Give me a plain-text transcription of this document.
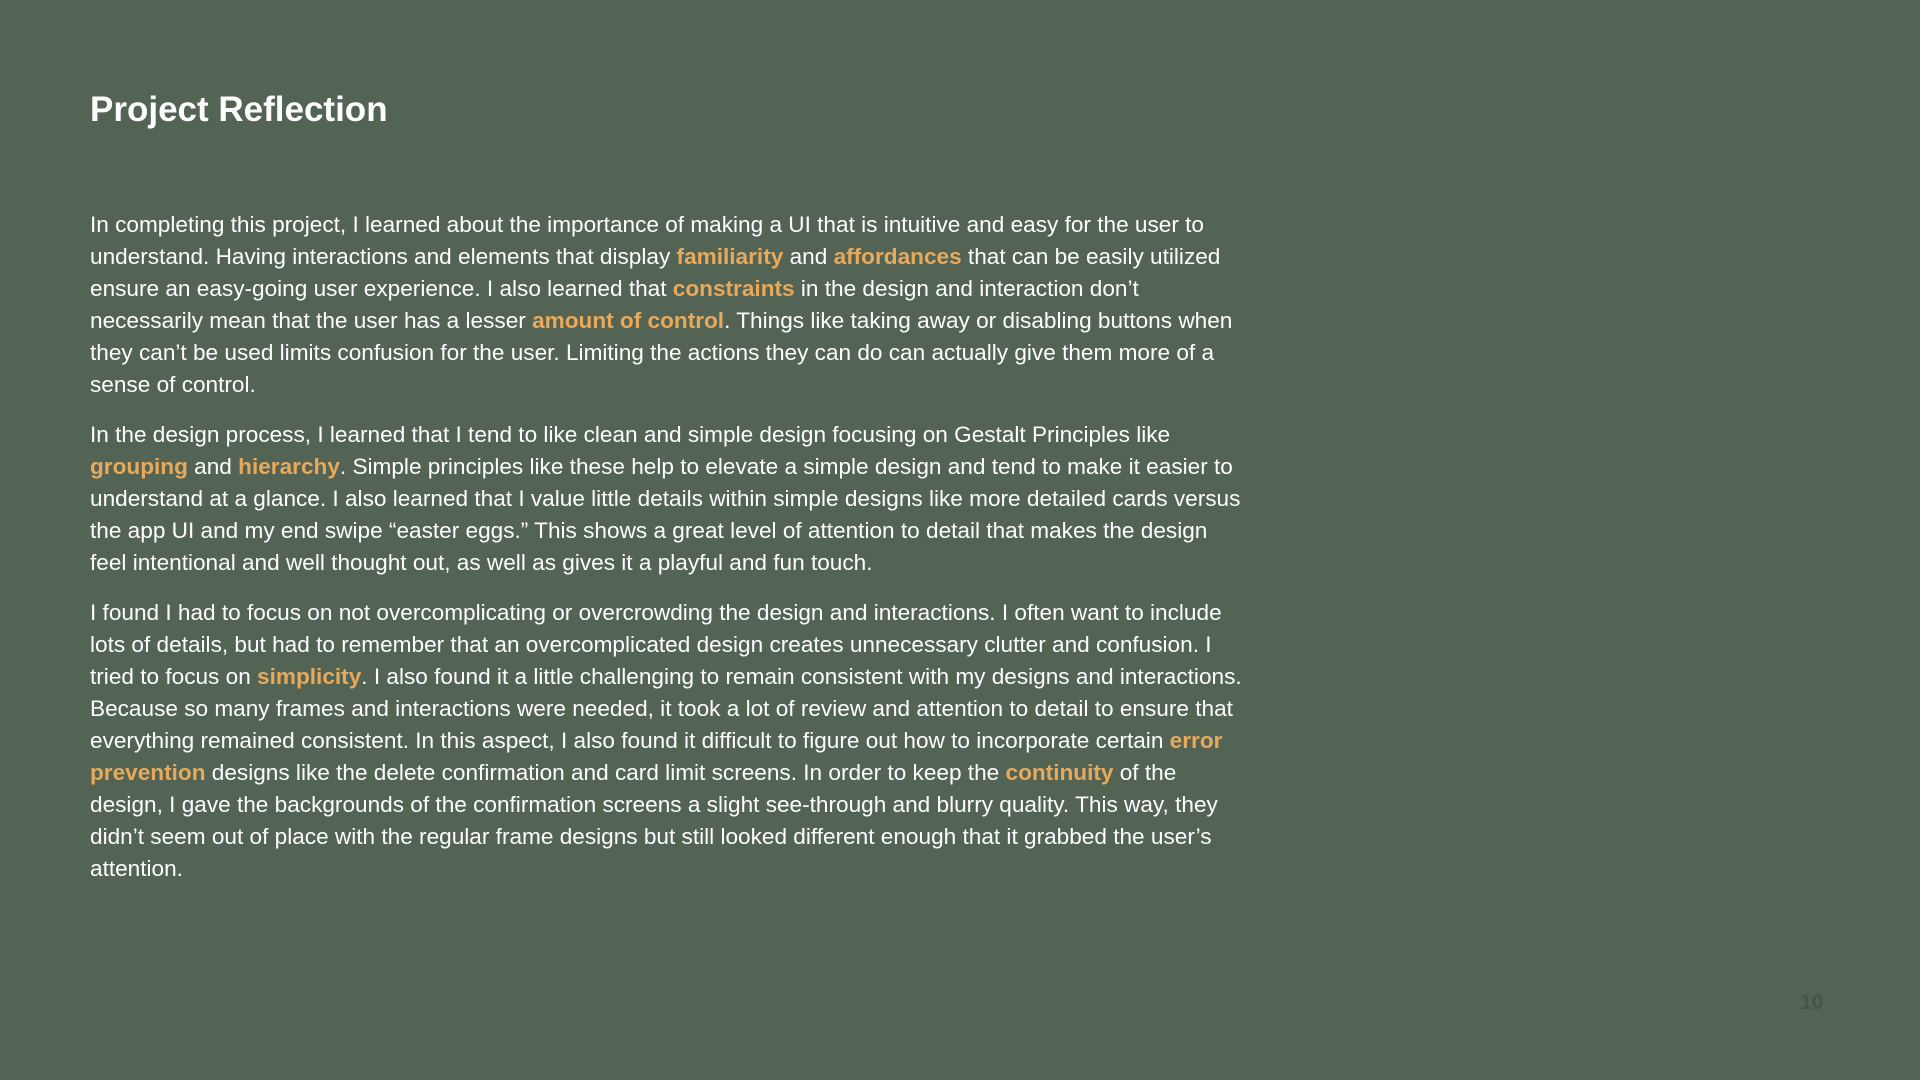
Project Reflection

In completing this project, I learned about the importance of making a UI that is intuitive and easy for the user to understand. Having interactions and elements that display familiarity and affordances that can be easily utilized ensure an easy-going user experience. I also learned that constraints in the design and interaction don’t necessarily mean that the user has a lesser amount of control. Things like taking away or disabling buttons when they can’t be used limits confusion for the user. Limiting the actions they can do can actually give them more of a sense of control.

In the design process, I learned that I tend to like clean and simple design focusing on Gestalt Principles like grouping and hierarchy. Simple principles like these help to elevate a simple design and tend to make it easier to understand at a glance. I also learned that I value little details within simple designs like more detailed cards versus the app UI and my end swipe “easter eggs.” This shows a great level of attention to detail that makes the design feel intentional and well thought out, as well as gives it a playful and fun touch.

I found I had to focus on not overcomplicating or overcrowding the design and interactions. I often want to include lots of details, but had to remember that an overcomplicated design creates unnecessary clutter and confusion. I tried to focus on simplicity. I also found it a little challenging to remain consistent with my designs and interactions. Because so many frames and interactions were needed, it took a lot of review and attention to detail to ensure that everything remained consistent. In this aspect, I also found it difficult to figure out how to incorporate certain error prevention designs like the delete confirmation and card limit screens. In order to keep the continuity of the design, I gave the backgrounds of the confirmation screens a slight see-through and blurry quality. This way, they didn’t seem out of place with the regular frame designs but still looked different enough that it grabbed the user’s attention.

10
